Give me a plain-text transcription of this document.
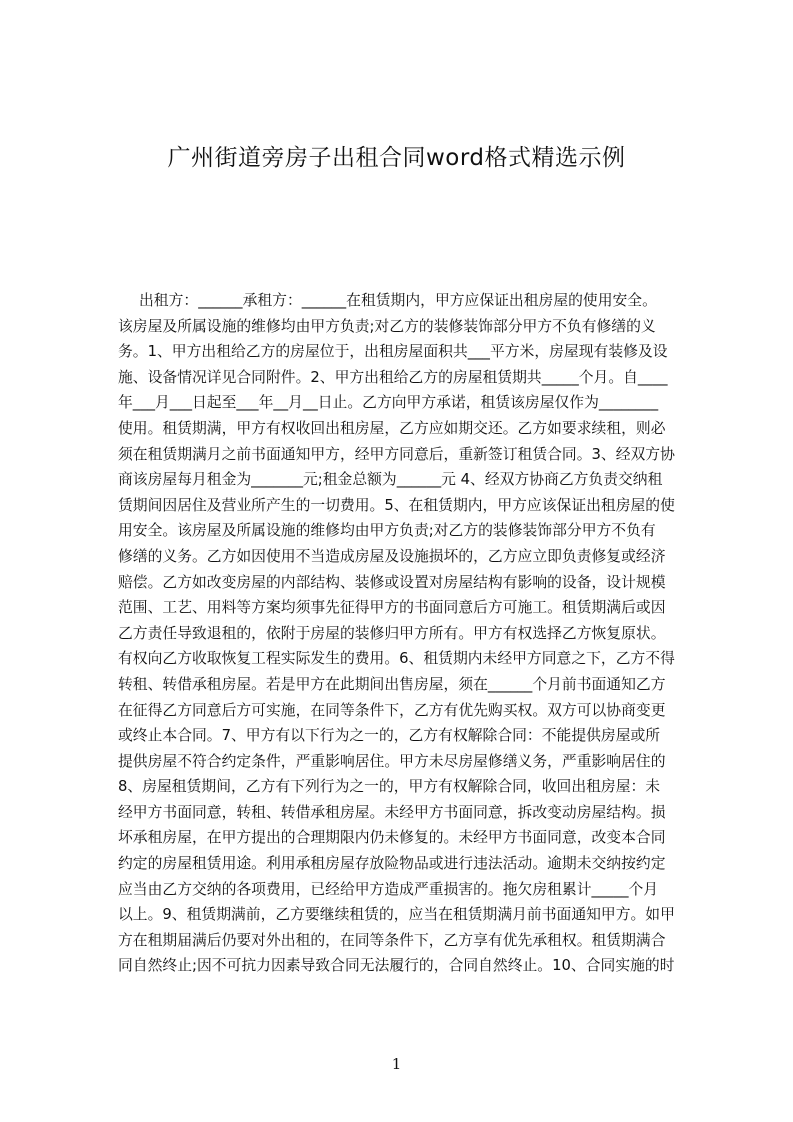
广州街道旁房子出租合同word格式精选示例
出租方：______承租方：______在租赁期内，甲方应保证出租房屋的使用安全。
该房屋及所属设施的维修均由甲方负责;对乙方的装修装饰部分甲方不负有修缮的义
务。1、甲方出租给乙方的房屋位于，出租房屋面积共___平方米，房屋现有装修及设
施、设备情况详见合同附件。2、甲方出租给乙方的房屋租赁期共_____个月。自____
年___月___日起至___年__月__日止。乙方向甲方承诺，租赁该房屋仅作为________
使用。租赁期满，甲方有权收回出租房屋，乙方应如期交还。乙方如要求续租，则必
须在租赁期满月之前书面通知甲方，经甲方同意后，重新签订租赁合同。3、经双方协
商该房屋每月租金为_______元;租金总额为______元 4、经双方协商乙方负责交纳租
赁期间因居住及营业所产生的一切费用。5、在租赁期内，甲方应该保证出租房屋的使
用安全。该房屋及所属设施的维修均由甲方负责;对乙方的装修装饰部分甲方不负有
修缮的义务。乙方如因使用不当造成房屋及设施损坏的，乙方应立即负责修复或经济
赔偿。乙方如改变房屋的内部结构、装修或设置对房屋结构有影响的设备，设计规模
范围、工艺、用料等方案均须事先征得甲方的书面同意后方可施工。租赁期满后或因
乙方责任导致退租的，依附于房屋的装修归甲方所有。甲方有权选择乙方恢复原状。
有权向乙方收取恢复工程实际发生的费用。6、租赁期内未经甲方同意之下，乙方不得
转租、转借承租房屋。若是甲方在此期间出售房屋，须在______个月前书面通知乙方
在征得乙方同意后方可实施，在同等条件下，乙方有优先购买权。双方可以协商变更
或终止本合同。7、甲方有以下行为之一的，乙方有权解除合同：不能提供房屋或所
提供房屋不符合约定条件，严重影响居住。甲方未尽房屋修缮义务，严重影响居住的
8、房屋租赁期间，乙方有下列行为之一的，甲方有权解除合同，收回出租房屋：未
经甲方书面同意，转租、转借承租房屋。未经甲方书面同意，拆改变动房屋结构。损
坏承租房屋，在甲方提出的合理期限内仍未修复的。未经甲方书面同意，改变本合同
约定的房屋租赁用途。利用承租房屋存放险物品或进行违法活动。逾期未交纳按约定
应当由乙方交纳的各项费用，已经给甲方造成严重损害的。拖欠房租累计_____个月
以上。9、租赁期满前，乙方要继续租赁的，应当在租赁期满月前书面通知甲方。如甲
方在租期届满后仍要对外出租的，在同等条件下，乙方享有优先承租权。租赁期满合
同自然终止;因不可抗力因素导致合同无法履行的，合同自然终止。10、合同实施的时
1
